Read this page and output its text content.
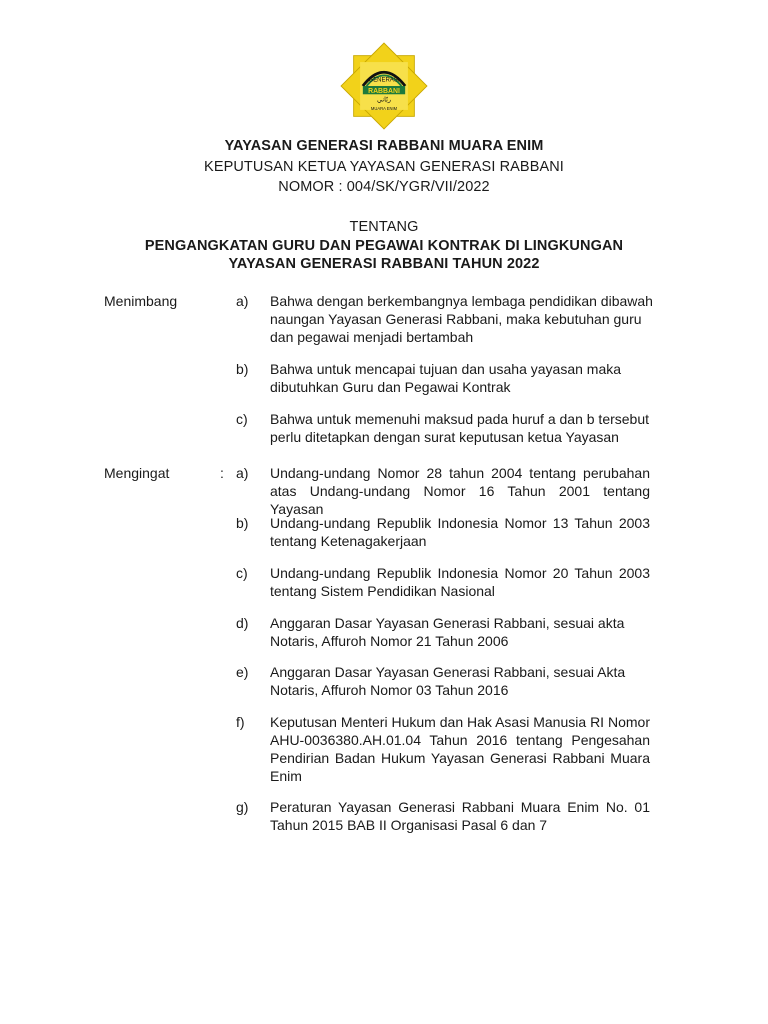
GENERASI
RABBANI
ربّاني
MUARA ENIM
YAYASAN GENERASI RABBANI MUARA ENIM
KEPUTUSAN KETUA YAYASAN GENERASI RABBANI
NOMOR : 004/SK/YGR/VII/2022
TENTANG
PENGANGKATAN GURU DAN PEGAWAI KONTRAK DI LINGKUNGAN
YAYASAN GENERASI RABBANI TAHUN 2022
Menimbang	a) Bahwa dengan berkembangnya lembaga pendidikan dibawah
naungan Yayasan Generasi Rabbani, maka kebutuhan guru
dan pegawai menjadi bertambah
b) Bahwa untuk mencapai tujuan dan usaha yayasan maka
dibutuhkan Guru dan Pegawai Kontrak
c) Bahwa untuk memenuhi maksud pada huruf a dan b tersebut
perlu ditetapkan dengan surat keputusan ketua Yayasan
Mengingat	: a) Undang-undang Nomor 28 tahun 2004 tentang perubahan
atas Undang-undang Nomor 16 Tahun 2001 tentang Yayasan
b) Undang-undang Republik Indonesia Nomor 13 Tahun 2003
tentang Ketenagakerjaan
c) Undang-undang Republik Indonesia Nomor 20 Tahun 2003
tentang Sistem Pendidikan Nasional
d) Anggaran Dasar Yayasan Generasi Rabbani, sesuai akta
Notaris, Affuroh Nomor 21 Tahun 2006
e) Anggaran Dasar Yayasan Generasi Rabbani, sesuai Akta
Notaris, Affuroh Nomor 03 Tahun 2016
f) Keputusan Menteri Hukum dan Hak Asasi Manusia RI Nomor
AHU-0036380.AH.01.04 Tahun 2016 tentang Pengesahan
Pendirian Badan Hukum Yayasan Generasi Rabbani Muara
Enim
g) Peraturan Yayasan Generasi Rabbani Muara Enim No. 01
Tahun 2015 BAB II Organisasi Pasal 6 dan 7
